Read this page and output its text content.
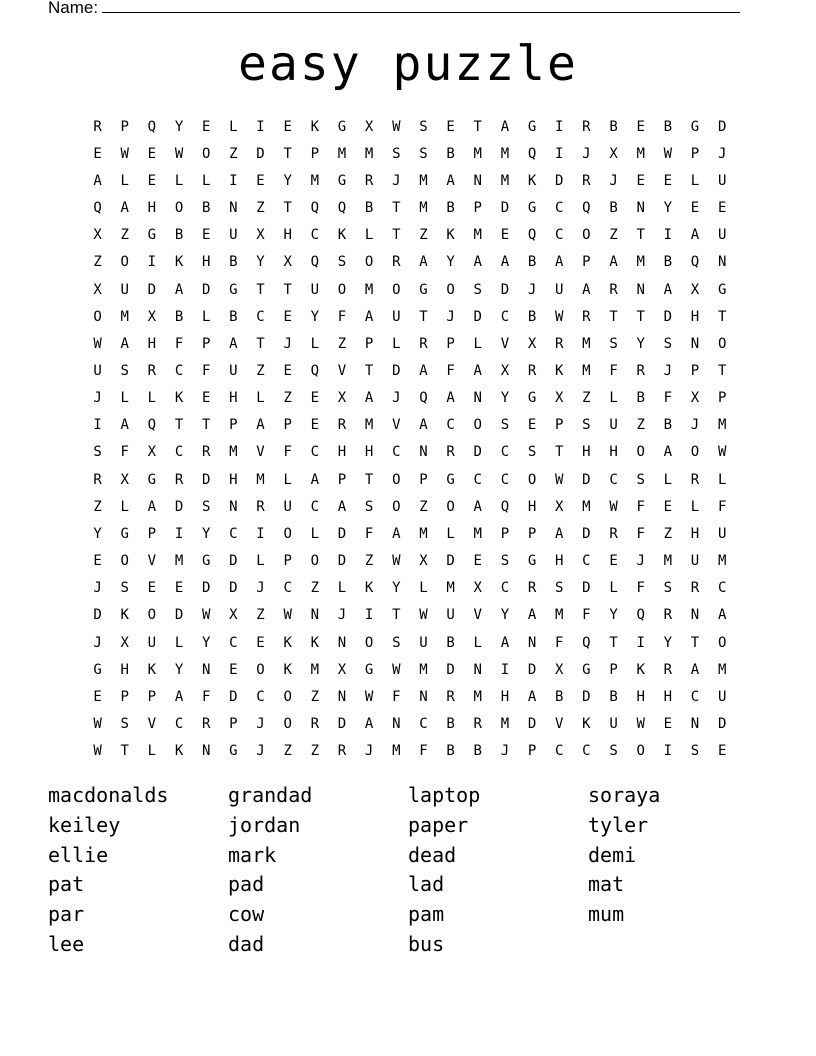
Name:
easy puzzle
R	P	Q	Y	E	L	I	E	K	G	X	W	S	E	T	A	G	I	R	B	E	B	G	D
E	W	E	W	O	Z	D	T	P	M	M	S	S	B	M	M	Q	I	J	X	M	W	P	J
A	L	E	L	L	I	E	Y	M	G	R	J	M	A	N	M	K	D	R	J	E	E	L	U
Q	A	H	O	B	N	Z	T	Q	Q	B	T	M	B	P	D	G	C	Q	B	N	Y	E	E
X	Z	G	B	E	U	X	H	C	K	L	T	Z	K	M	E	Q	C	O	Z	T	I	A	U
Z	O	I	K	H	B	Y	X	Q	S	O	R	A	Y	A	A	B	A	P	A	M	B	Q	N
X	U	D	A	D	G	T	T	U	O	M	O	G	O	S	D	J	U	A	R	N	A	X	G
O	M	X	B	L	B	C	E	Y	F	A	U	T	J	D	C	B	W	R	T	T	D	H	T
W	A	H	F	P	A	T	J	L	Z	P	L	R	P	L	V	X	R	M	S	Y	S	N	O
U	S	R	C	F	U	Z	E	Q	V	T	D	A	F	A	X	R	K	M	F	R	J	P	T
J	L	L	K	E	H	L	Z	E	X	A	J	Q	A	N	Y	G	X	Z	L	B	F	X	P
I	A	Q	T	T	P	A	P	E	R	M	V	A	C	O	S	E	P	S	U	Z	B	J	M
S	F	X	C	R	M	V	F	C	H	H	C	N	R	D	C	S	T	H	H	O	A	O	W
R	X	G	R	D	H	M	L	A	P	T	O	P	G	C	C	O	W	D	C	S	L	R	L
Z	L	A	D	S	N	R	U	C	A	S	O	Z	O	A	Q	H	X	M	W	F	E	L	F
Y	G	P	I	Y	C	I	O	L	D	F	A	M	L	M	P	P	A	D	R	F	Z	H	U
E	O	V	M	G	D	L	P	O	D	Z	W	X	D	E	S	G	H	C	E	J	M	U	M
J	S	E	E	D	D	J	C	Z	L	K	Y	L	M	X	C	R	S	D	L	F	S	R	C
D	K	O	D	W	X	Z	W	N	J	I	T	W	U	V	Y	A	M	F	Y	Q	R	N	A
J	X	U	L	Y	C	E	K	K	N	O	S	U	B	L	A	N	F	Q	T	I	Y	T	O
G	H	K	Y	N	E	O	K	M	X	G	W	M	D	N	I	D	X	G	P	K	R	A	M
E	P	P	A	F	D	C	O	Z	N	W	F	N	R	M	H	A	B	D	B	H	H	C	U
W	S	V	C	R	P	J	O	R	D	A	N	C	B	R	M	D	V	K	U	W	E	N	D
W	T	L	K	N	G	J	Z	Z	R	J	M	F	B	B	J	P	C	C	S	O	I	S	E
macdonalds
keiley
ellie
pat
par
lee
grandad
jordan
mark
pad
cow
dad
laptop
paper
dead
lad
pam
bus
soraya
tyler
demi
mat
mum
